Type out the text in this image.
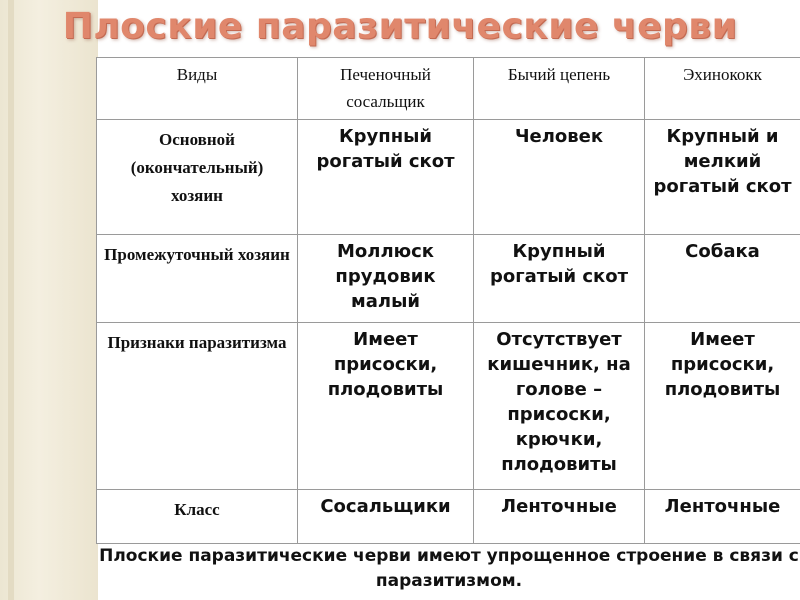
Плоские паразитические черви
Виды	Печеночный сосальщик	Бычий цепень	Эхинококк
Основной (окончательный) хозяин	Крупный рогатый скот	Человек	Крупный и мелкий рогатый скот
Промежуточный хозяин	Моллюск прудовик малый	Крупный рогатый скот	Собака
Признаки паразитизма	Имеет присоски, плодовиты	Отсутствует кишечник, на голове – присоски, крючки, плодовиты	Имеет присоски, плодовиты
Класс	Сосальщики	Ленточные	Ленточные
Плоские паразитические черви имеют упрощенное строение в связи с паразитизмом.
